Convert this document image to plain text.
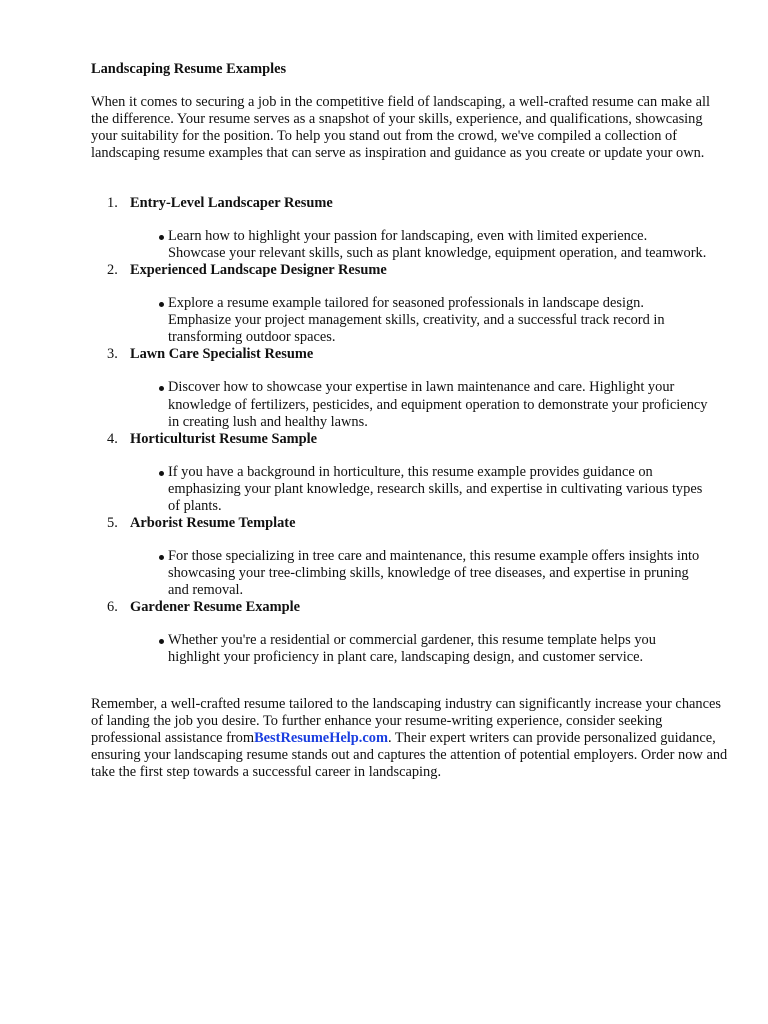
Landscaping Resume Examples

When it comes to securing a job in the competitive field of landscaping, a well-crafted resume can make all the difference. Your resume serves as a snapshot of your skills, experience, and qualifications, showcasing your suitability for the position. To help you stand out from the crowd, we've compiled a collection of landscaping resume examples that can serve as inspiration and guidance as you create or update your own.

1. Entry-Level Landscaper Resume
Learn how to highlight your passion for landscaping, even with limited experience. Showcase your relevant skills, such as plant knowledge, equipment operation, and teamwork.
2. Experienced Landscape Designer Resume
Explore a resume example tailored for seasoned professionals in landscape design. Emphasize your project management skills, creativity, and a successful track record in transforming outdoor spaces.
3. Lawn Care Specialist Resume
Discover how to showcase your expertise in lawn maintenance and care. Highlight your knowledge of fertilizers, pesticides, and equipment operation to demonstrate your proficiency in creating lush and healthy lawns.
4. Horticulturist Resume Sample
If you have a background in horticulture, this resume example provides guidance on emphasizing your plant knowledge, research skills, and expertise in cultivating various types of plants.
5. Arborist Resume Template
For those specializing in tree care and maintenance, this resume example offers insights into showcasing your tree-climbing skills, knowledge of tree diseases, and expertise in pruning and removal.
6. Gardener Resume Example
Whether you're a residential or commercial gardener, this resume template helps you highlight your proficiency in plant care, landscaping design, and customer service.

Remember, a well-crafted resume tailored to the landscaping industry can significantly increase your chances of landing the job you desire. To further enhance your resume-writing experience, consider seeking professional assistance fromBestResumeHelp.com. Their expert writers can provide personalized guidance, ensuring your landscaping resume stands out and captures the attention of potential employers. Order now and take the first step towards a successful career in landscaping.
